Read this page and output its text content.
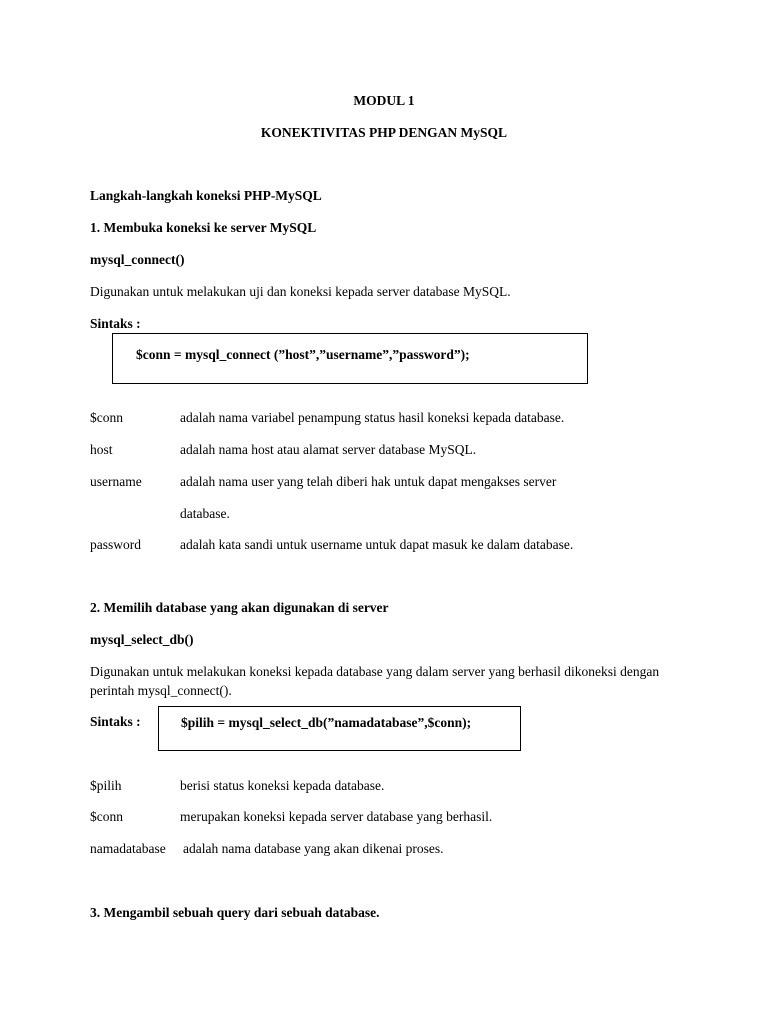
MODUL 1
KONEKTIVITAS PHP DENGAN MySQL
Langkah-langkah koneksi PHP-MySQL
1. Membuka koneksi ke server MySQL
mysql_connect()
Digunakan untuk melakukan uji dan koneksi kepada server database MySQL.
Sintaks :
$conn = mysql_connect (”host”,”username”,”password”);
$conn	adalah nama variabel penampung status hasil koneksi kepada database.
host	adalah nama host atau alamat server database MySQL.
username	adalah nama user yang telah diberi hak untuk dapat mengakses server
database.
password	adalah kata sandi untuk username untuk dapat masuk ke dalam database.
2. Memilih database yang akan digunakan di server
mysql_select_db()
Digunakan untuk melakukan koneksi kepada database yang dalam server yang berhasil dikoneksi dengan
perintah mysql_connect().
Sintaks :	$pilih = mysql_select_db(”namadatabase”,$conn);
$pilih	berisi status koneksi kepada database.
$conn	merupakan koneksi kepada server database yang berhasil.
namadatabase adalah nama database yang akan dikenai proses.
3. Mengambil sebuah query dari sebuah database.
